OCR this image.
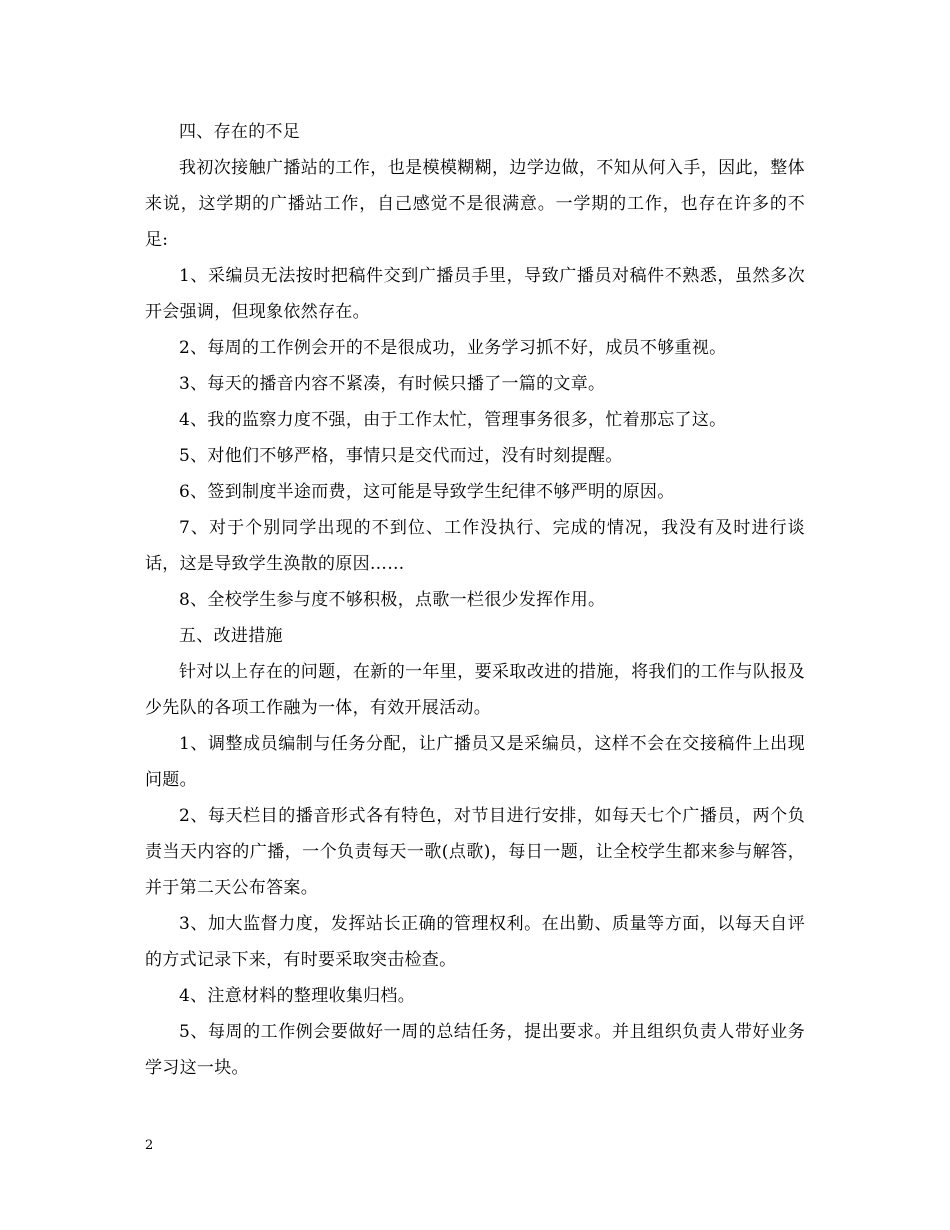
四、存在的不足

我初次接触广播站的工作，也是模模糊糊，边学边做，不知从何入手，因此，整体来说，这学期的广播站工作，自己感觉不是很满意。一学期的工作，也存在许多的不足:

1、采编员无法按时把稿件交到广播员手里，导致广播员对稿件不熟悉，虽然多次开会强调，但现象依然存在。

2、每周的工作例会开的不是很成功，业务学习抓不好，成员不够重视。

3、每天的播音内容不紧凑，有时候只播了一篇的文章。

4、我的监察力度不强，由于工作太忙，管理事务很多，忙着那忘了这。

5、对他们不够严格，事情只是交代而过，没有时刻提醒。

6、签到制度半途而费，这可能是导致学生纪律不够严明的原因。

7、对于个别同学出现的不到位、工作没执行、完成的情况，我没有及时进行谈话，这是导致学生涣散的原因……

8、全校学生参与度不够积极，点歌一栏很少发挥作用。

五、改进措施

针对以上存在的问题，在新的一年里，要采取改进的措施，将我们的工作与队报及少先队的各项工作融为一体，有效开展活动。

1、调整成员编制与任务分配，让广播员又是采编员，这样不会在交接稿件上出现问题。

2、每天栏目的播音形式各有特色，对节目进行安排，如每天七个广播员，两个负责当天内容的广播，一个负责每天一歌(点歌)，每日一题，让全校学生都来参与解答，并于第二天公布答案。

3、加大监督力度，发挥站长正确的管理权利。在出勤、质量等方面，以每天自评的方式记录下来，有时要采取突击检查。

4、注意材料的整理收集归档。

5、每周的工作例会要做好一周的总结任务，提出要求。并且组织负责人带好业务学习这一块。

2
